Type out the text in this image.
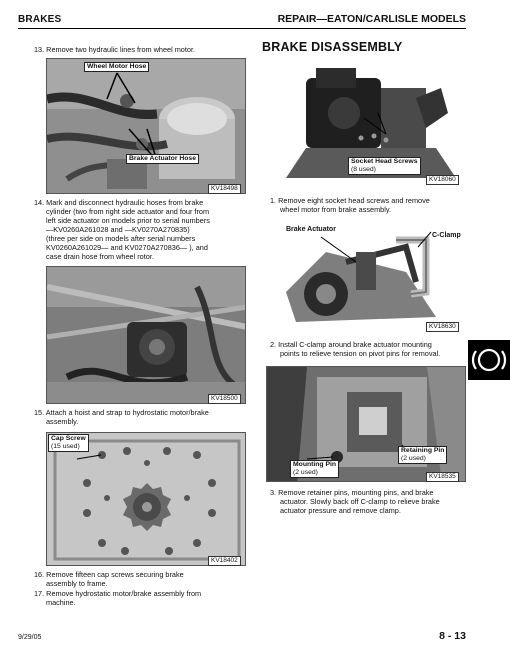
BRAKES	REPAIR—EATON/CARLISLE MODELS
13. Remove two hydraulic lines from wheel motor.
Wheel Motor Hose
Brake Actuator Hose
KV18498
14. Mark and disconnect hydraulic hoses from brake
cylinder (two from right side actuator and four from
left side actuator on models prior to serial numbers
—KV0260A261028 and —KV0270A270835)
(three per side on models after serial numbers
KV0260A261029— and KV0270A270836— ), and
case drain hose from wheel rotor.
KV18500
15. Attach a hoist and strap to hydrostatic motor/brake
assembly.
Cap Screw
(15 used)
KV18402
16. Remove fifteen cap screws securing brake
assembly to frame.
17. Remove hydrostatic motor/brake assembly from
machine.
BRAKE DISASSEMBLY
Socket Head Screws
(8 used)
KV18060
1. Remove eight socket head screws and remove
wheel motor from brake assembly.
Brake Actuator
C-Clamp
KV18630
2. Install C-clamp around brake actuator mounting
points to relieve tension on pivot pins for removal.
Retaining Pin
(2 used)
Mounting Pin
(2 used)
KV18535
3. Remove retainer pins, mounting pins, and brake
actuator. Slowly back off C-clamp to relieve brake
actuator pressure and remove clamp.
9/29/05	8 - 13
